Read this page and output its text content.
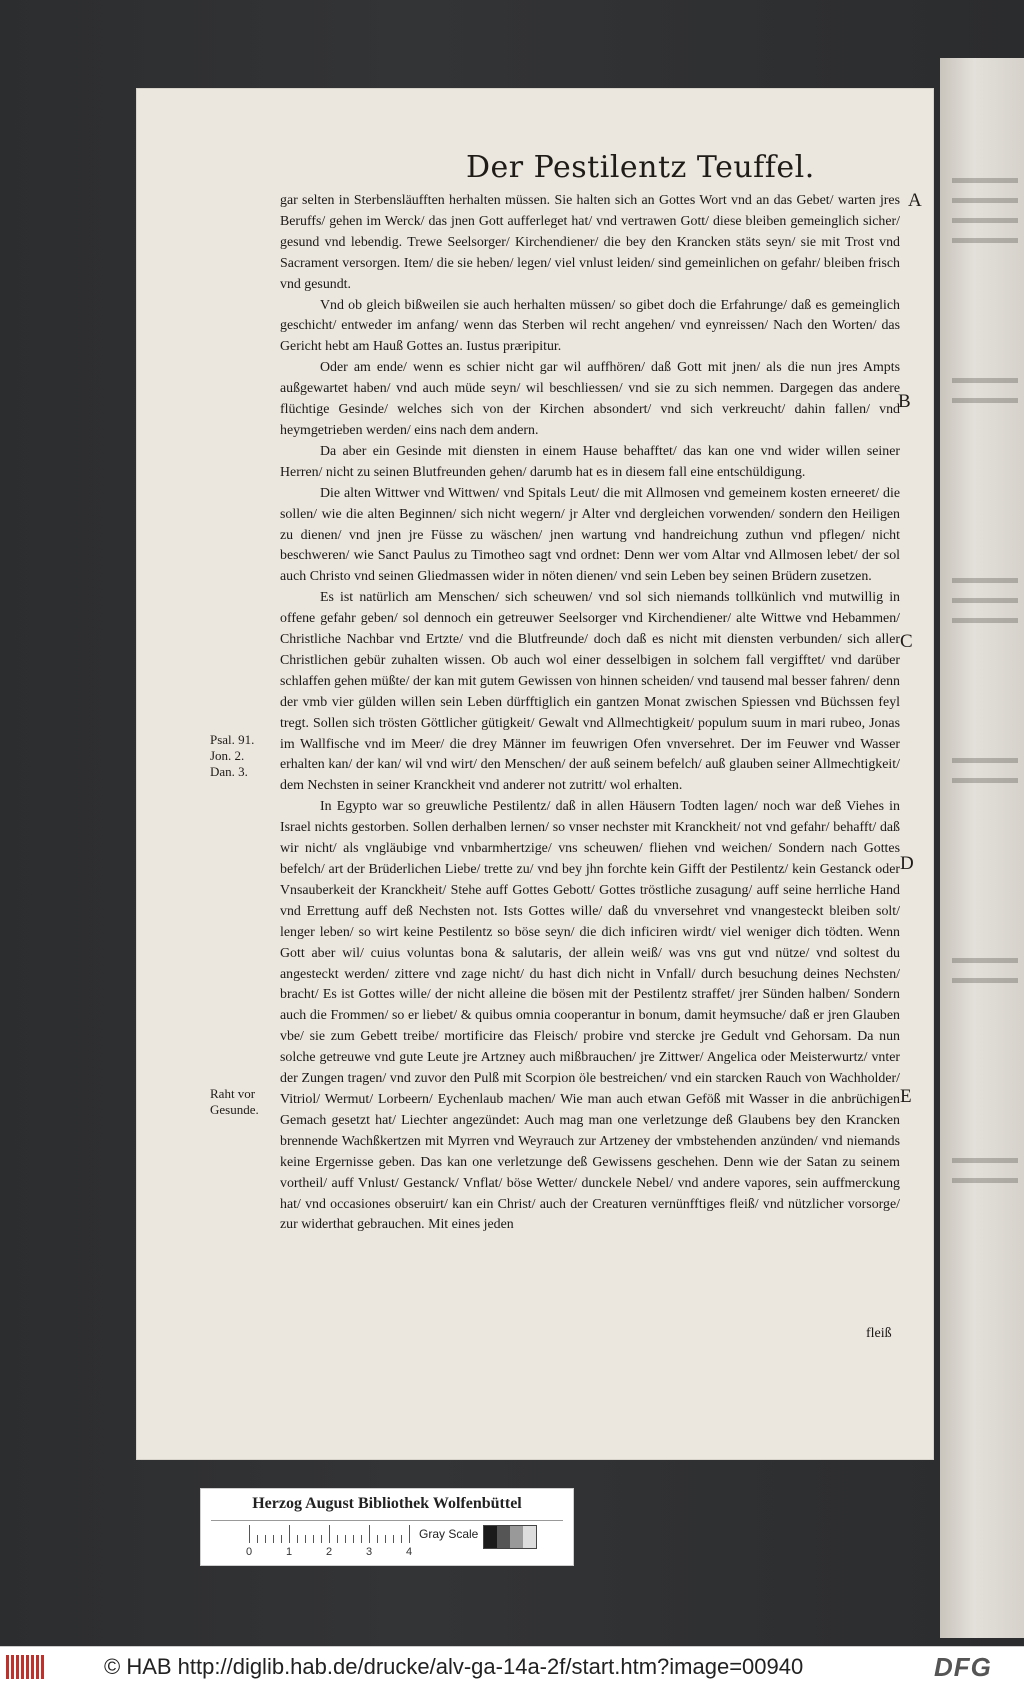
Der Pestilentz Teuffel.

gar selten in Sterbensläufften herhalten müssen. Sie halten sich an Gottes Wort vnd an das Gebet/ warten jres Beruffs/ gehen im Werck/ das jnen Gott aufferleget hat/ vnd vertrawen Gott/ diese bleiben gemeinglich sicher/ gesund vnd lebendig. Trewe Seelsorger/ Kirchendiener/ die bey den Krancken stäts seyn/ sie mit Trost vnd Sacrament versorgen. Item/ die sie heben/ legen/ viel vnlust leiden/ sind gemeinlichen on gefahr/ bleiben frisch vnd gesundt.

Vnd ob gleich bißweilen sie auch herhalten müssen/ so gibet doch die Erfahrunge/ daß es gemeinglich geschicht/ entweder im anfang/ wenn das Sterben wil recht angehen/ vnd eynreissen/ Nach den Worten/ das Gericht hebt am Hauß Gottes an. Iustus præripitur.

Oder am ende/ wenn es schier nicht gar wil auffhören/ daß Gott mit jnen/ als die nun jres Ampts außgewartet haben/ vnd auch müde seyn/ wil beschliessen/ vnd sie zu sich nemmen. Dargegen das andere flüchtige Gesinde/ welches sich von der Kirchen absondert/ vnd sich verkreucht/ dahin fallen/ vnd heymgetrieben werden/ eins nach dem andern.

Da aber ein Gesinde mit diensten in einem Hause behafftet/ das kan one vnd wider willen seiner Herren/ nicht zu seinen Blutfreunden gehen/ darumb hat es in diesem fall eine entschüldigung.

Die alten Wittwer vnd Wittwen/ vnd Spitals Leut/ die mit Allmosen vnd gemeinem kosten erneeret/ die sollen/ wie die alten Beginnen/ sich nicht wegern/ jr Alter vnd dergleichen vorwenden/ sondern den Heiligen zu dienen/ vnd jnen jre Füsse zu wäschen/ jnen wartung vnd handreichung zuthun vnd pflegen/ nicht beschweren/ wie Sanct Paulus zu Timotheo sagt vnd ordnet: Denn wer vom Altar vnd Allmosen lebet/ der sol auch Christo vnd seinen Gliedmassen wider in nöten dienen/ vnd sein Leben bey seinen Brüdern zusetzen.

Es ist natürlich am Menschen/ sich scheuwen/ vnd sol sich niemands tollkünlich vnd mutwillig in offene gefahr geben/ sol dennoch ein getreuwer Seelsorger vnd Kirchendiener/ alte Wittwe vnd Hebammen/ Christliche Nachbar vnd Ertzte/ vnd die Blutfreunde/ doch daß es nicht mit diensten verbunden/ sich aller Christlichen gebür zuhalten wissen. Ob auch wol einer desselbigen in solchem fall vergifftet/ vnd darüber schlaffen gehen müßte/ der kan mit gutem Gewissen von hinnen scheiden/ vnd tausend mal besser fahren/ denn der vmb vier gülden willen sein Leben dürfftiglich ein gantzen Monat zwischen Spiessen vnd Büchssen feyl tregt. Sollen sich trösten Göttlicher gütigkeit/ Gewalt vnd Allmechtigkeit/ populum suum in mari rubeo, Jonas im Wallfische vnd im Meer/ die drey Männer im feuwrigen Ofen vnversehret. Der im Feuwer vnd Wasser erhalten kan/ der kan/ wil vnd wirt/ den Menschen/ der auß seinem befelch/ auß glauben seiner Allmechtigkeit/ dem Nechsten in seiner Kranckheit vnd anderer not zutritt/ wol erhalten.

In Egypto war so greuwliche Pestilentz/ daß in allen Häusern Todten lagen/ noch war deß Viehes in Israel nichts gestorben. Sollen derhalben lernen/ so vnser nechster mit Kranckheit/ not vnd gefahr/ behafft/ daß wir nicht/ als vngläubige vnd vnbarmhertzige/ vns scheuwen/ fliehen vnd weichen/ Sondern nach Gottes befelch/ art der Brüderlichen Liebe/ trette zu/ vnd bey jhn forchte kein Gifft der Pestilentz/ kein Gestanck oder Vnsauberkeit der Kranckheit/ Stehe auff Gottes Gebott/ Gottes tröstliche zusagung/ auff seine herrliche Hand vnd Errettung auff deß Nechsten not. Ists Gottes wille/ daß du vnversehret vnd vnangesteckt bleiben solt/ lenger leben/ so wirt keine Pestilentz so böse seyn/ die dich inficiren wirdt/ viel weniger dich tödten. Wenn Gott aber wil/ cuius voluntas bona & salutaris, der allein weiß/ was vns gut vnd nütze/ vnd soltest du angesteckt werden/ zittere vnd zage nicht/ du hast dich nicht in Vnfall/ durch besuchung deines Nechsten/ bracht/ Es ist Gottes wille/ der nicht alleine die bösen mit der Pestilentz straffet/ jrer Sünden halben/ Sondern auch die Frommen/ so er liebet/ & quibus omnia cooperantur in bonum, damit heymsuche/ daß er jren Glauben vbe/ sie zum Gebett treibe/ mortificire das Fleisch/ probire vnd stercke jre Gedult vnd Gehorsam. Da nun solche getreuwe vnd gute Leute jre Artzney auch mißbrauchen/ jre Zittwer/ Angelica oder Meisterwurtz/ vnter der Zungen tragen/ vnd zuvor den Pulß mit Scorpion öle bestreichen/ vnd ein starcken Rauch von Wachholder/ Vitriol/ Wermut/ Lorbeern/ Eychenlaub machen/ Wie man auch etwan Geföß mit Wasser in die anbrüchigen Gemach gesetzt hat/ Liechter angezündet: Auch mag man one verletzunge deß Glaubens bey den Krancken brennende Wachßkertzen mit Myrren vnd Weyrauch zur Artzeney der vmbstehenden anzünden/ vnd niemands keine Ergernisse geben. Das kan one verletzunge deß Gewissens geschehen. Denn wie der Satan zu seinem vortheil/ auff Vnlust/ Gestanck/ Vnflat/ böse Wetter/ dunckele Nebel/ vnd andere vapores, sein auffmerckung hat/ vnd occasiones obseruirt/ kan ein Christ/ auch der Creaturen vernünfftiges fleiß/ vnd nützlicher vorsorge/ zur widerthat gebrauchen. Mit eines jeden

A
B
C
D
E
Psal. 91.
Jon. 2.
Dan. 3.
Raht vor
Gesunde.
fleiß
Herzog August Bibliothek Wolfenbüttel
0	1	2	3	4
Gray Scale
© HAB http://diglib.hab.de/drucke/alv-ga-14a-2f/start.htm?image=00940	DFG
